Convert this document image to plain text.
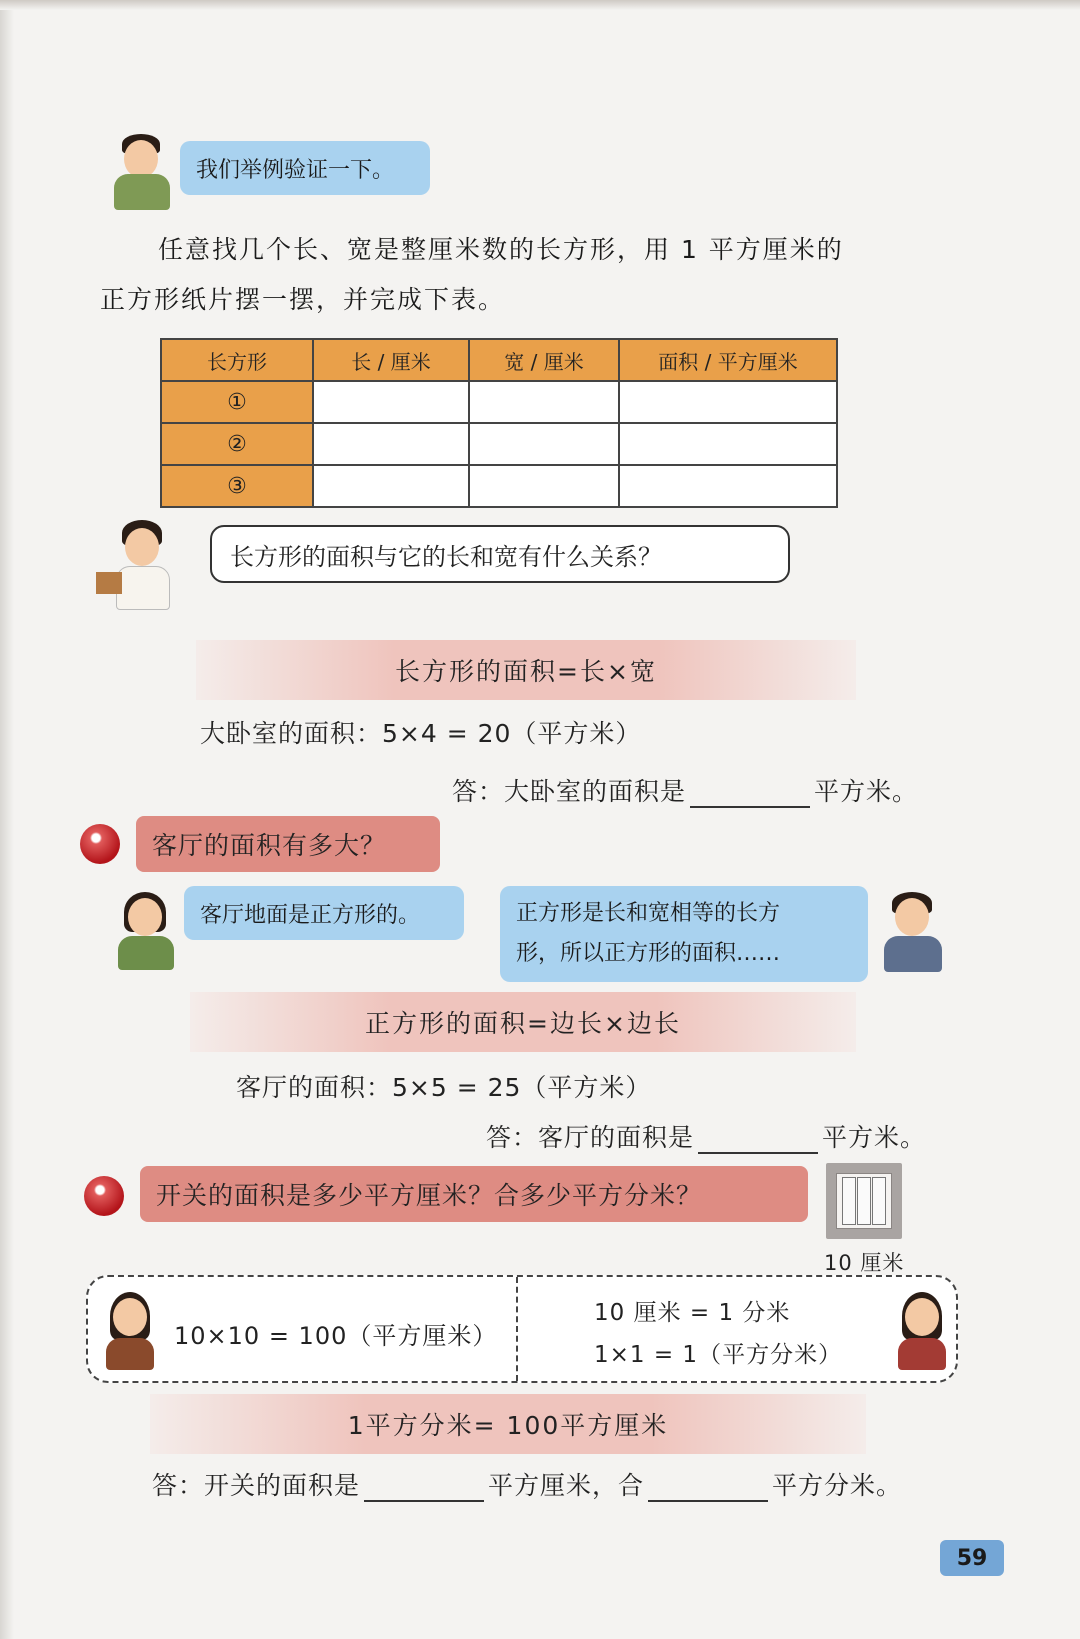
我们举例验证一下。
任意找几个长、宽是整厘米数的长方形，用 1 平方厘米的
正方形纸片摆一摆，并完成下表。
长方形	长 / 厘米	宽 / 厘米	面积 / 平方厘米
①			
②			
③			
长方形的面积与它的长和宽有什么关系？
长方形的面积=长×宽
大卧室的面积：5×4 = 20（平方米）
答：大卧室的面积是	平方米。
客厅的面积有多大？
客厅地面是正方形的。	正方形是长和宽相等的长方
形，所以正方形的面积……
正方形的面积=边长×边长
客厅的面积：5×5 = 25（平方米）
答：客厅的面积是	平方米。
开关的面积是多少平方厘米？合多少平方分米？
10 厘米
10×10 = 100（平方厘米）
10 厘米 = 1 分米
1×1 = 1（平方分米）
1平方分米= 100平方厘米
答：开关的面积是	平方厘米，合	平方分米。
59
